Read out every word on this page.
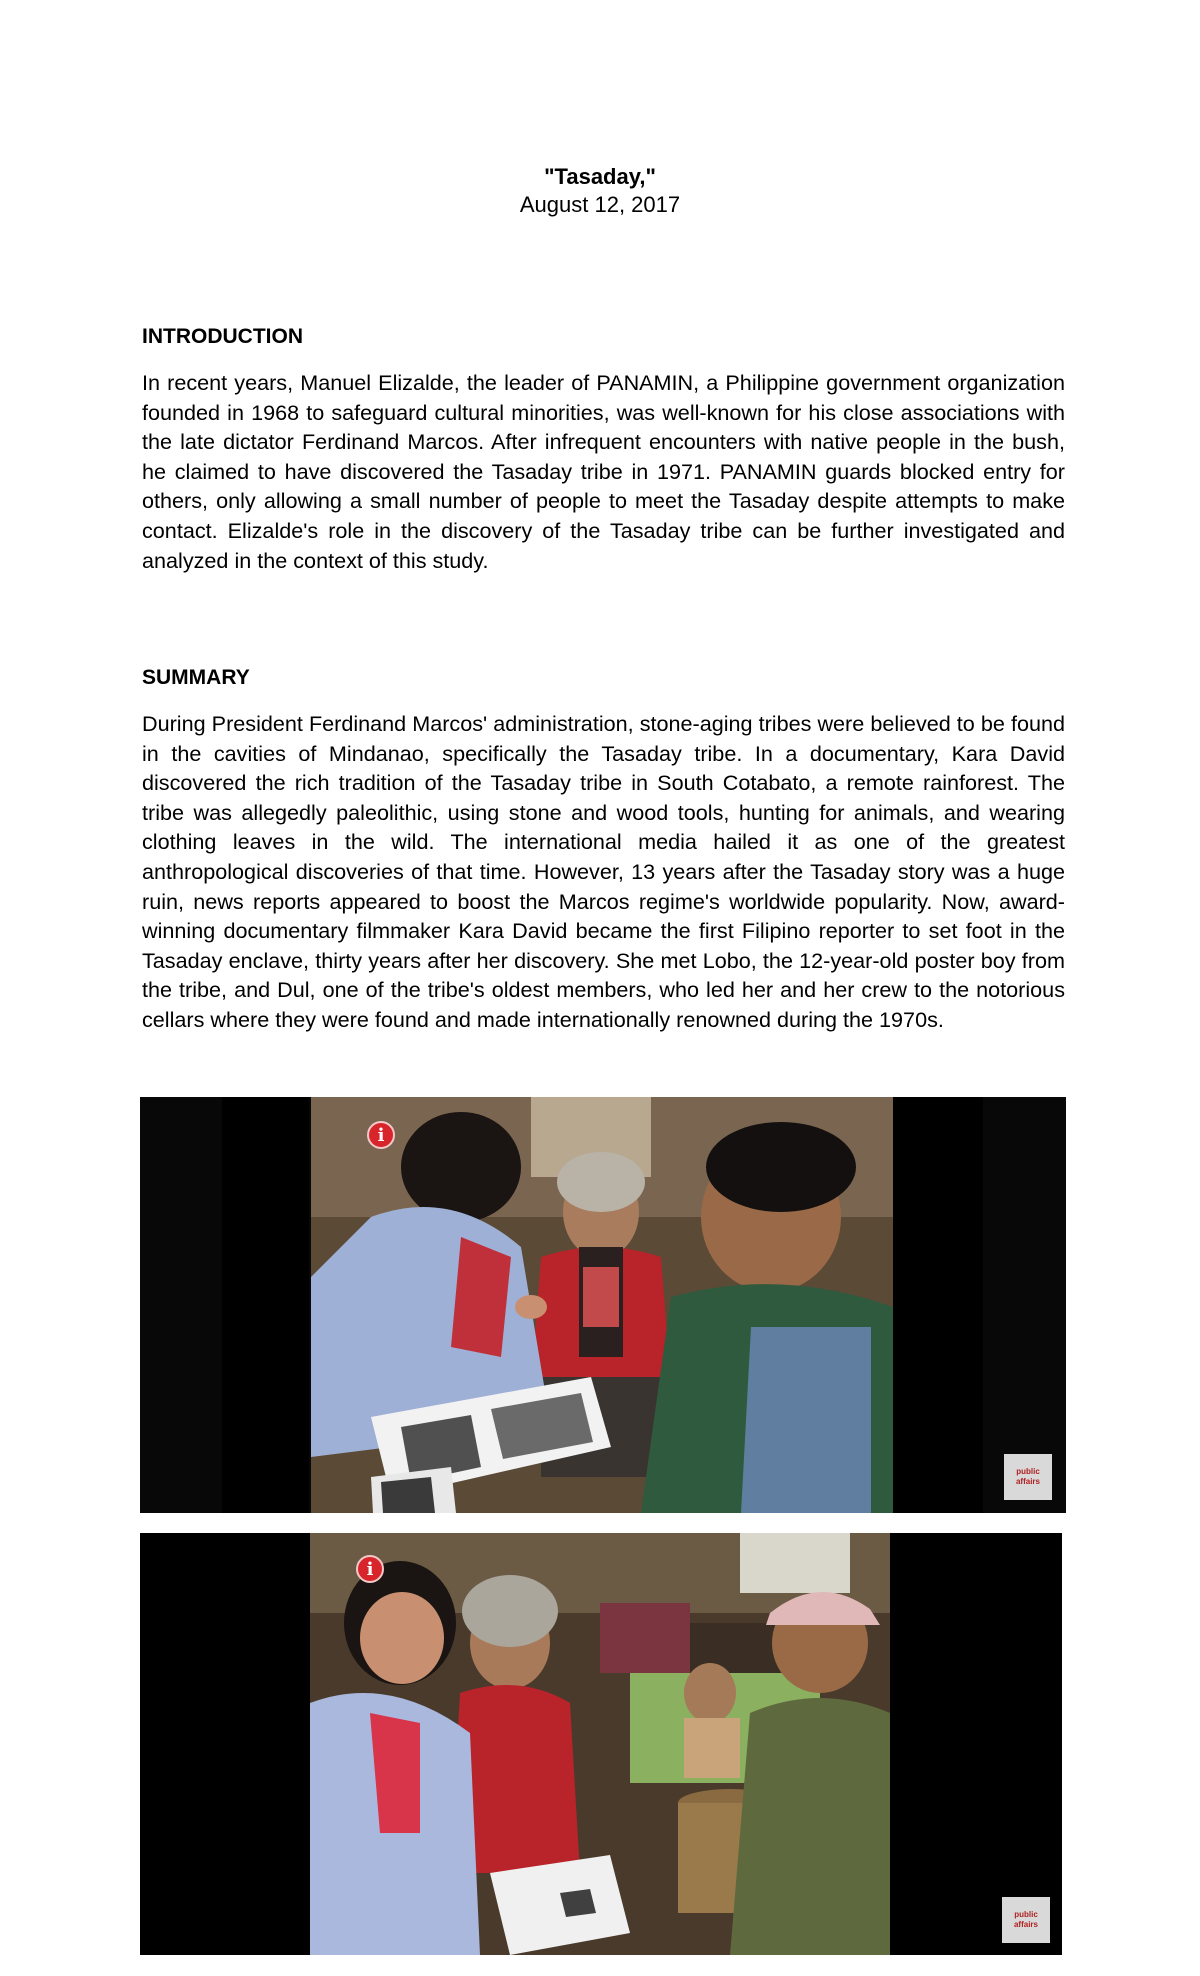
"Tasaday,"
August 12, 2017
INTRODUCTION
In recent years, Manuel Elizalde, the leader of PANAMIN, a Philippine government organization founded in 1968 to safeguard cultural minorities, was well-known for his close associations with the late dictator Ferdinand Marcos. After infrequent encounters with native people in the bush, he claimed to have discovered the Tasaday tribe in 1971. PANAMIN guards blocked entry for others, only allowing a small number of people to meet the Tasaday despite attempts to make contact. Elizalde's role in the discovery of the Tasaday tribe can be further investigated and analyzed in the context of this study.
SUMMARY
During President Ferdinand Marcos' administration, stone-aging tribes were believed to be found in the cavities of Mindanao, specifically the Tasaday tribe. In a documentary, Kara David discovered the rich tradition of the Tasaday tribe in South Cotabato, a remote rainforest. The tribe was allegedly paleolithic, using stone and wood tools, hunting for animals, and wearing clothing leaves in the wild. The international media hailed it as one of the greatest anthropological discoveries of that time. However, 13 years after the Tasaday story was a huge ruin, news reports appeared to boost the Marcos regime's worldwide popularity. Now, award-winning documentary filmmaker Kara David became the first Filipino reporter to set foot in the Tasaday enclave, thirty years after her discovery. She met Lobo, the 12-year-old poster boy from the tribe, and Dul, one of the tribe's oldest members, who led her and her crew to the notorious cellars where they were found and made internationally renowned during the 1970s.
i
public affairs
i
public affairs
